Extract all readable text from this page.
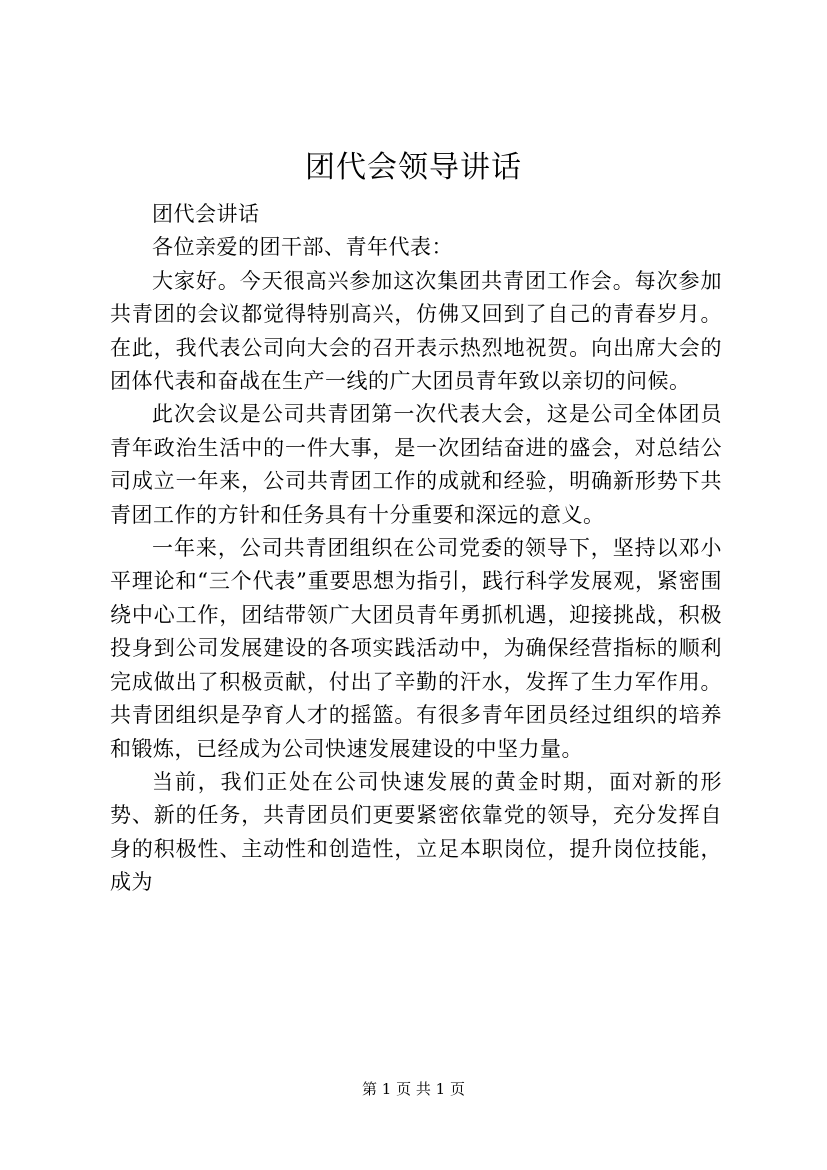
团代会领导讲话

团代会讲话

各位亲爱的团干部、青年代表：

大家好。今天很高兴参加这次集团共青团工作会。每次参加共青团的会议都觉得特别高兴，仿佛又回到了自己的青春岁月。在此，我代表公司向大会的召开表示热烈地祝贺。向出席大会的团体代表和奋战在生产一线的广大团员青年致以亲切的问候。

此次会议是公司共青团第一次代表大会，这是公司全体团员青年政治生活中的一件大事，是一次团结奋进的盛会，对总结公司成立一年来，公司共青团工作的成就和经验，明确新形势下共青团工作的方针和任务具有十分重要和深远的意义。

一年来，公司共青团组织在公司党委的领导下，坚持以邓小平理论和“三个代表”重要思想为指引，践行科学发展观，紧密围绕中心工作，团结带领广大团员青年勇抓机遇，迎接挑战，积极投身到公司发展建设的各项实践活动中，为确保经营指标的顺利完成做出了积极贡献，付出了辛勤的汗水，发挥了生力军作用。共青团组织是孕育人才的摇篮。有很多青年团员经过组织的培养和锻炼，已经成为公司快速发展建设的中坚力量。

当前，我们正处在公司快速发展的黄金时期，面对新的形势、新的任务，共青团员们更要紧密依靠党的领导，充分发挥自身的积极性、主动性和创造性，立足本职岗位，提升岗位技能，成为

第 1 页 共 1 页
